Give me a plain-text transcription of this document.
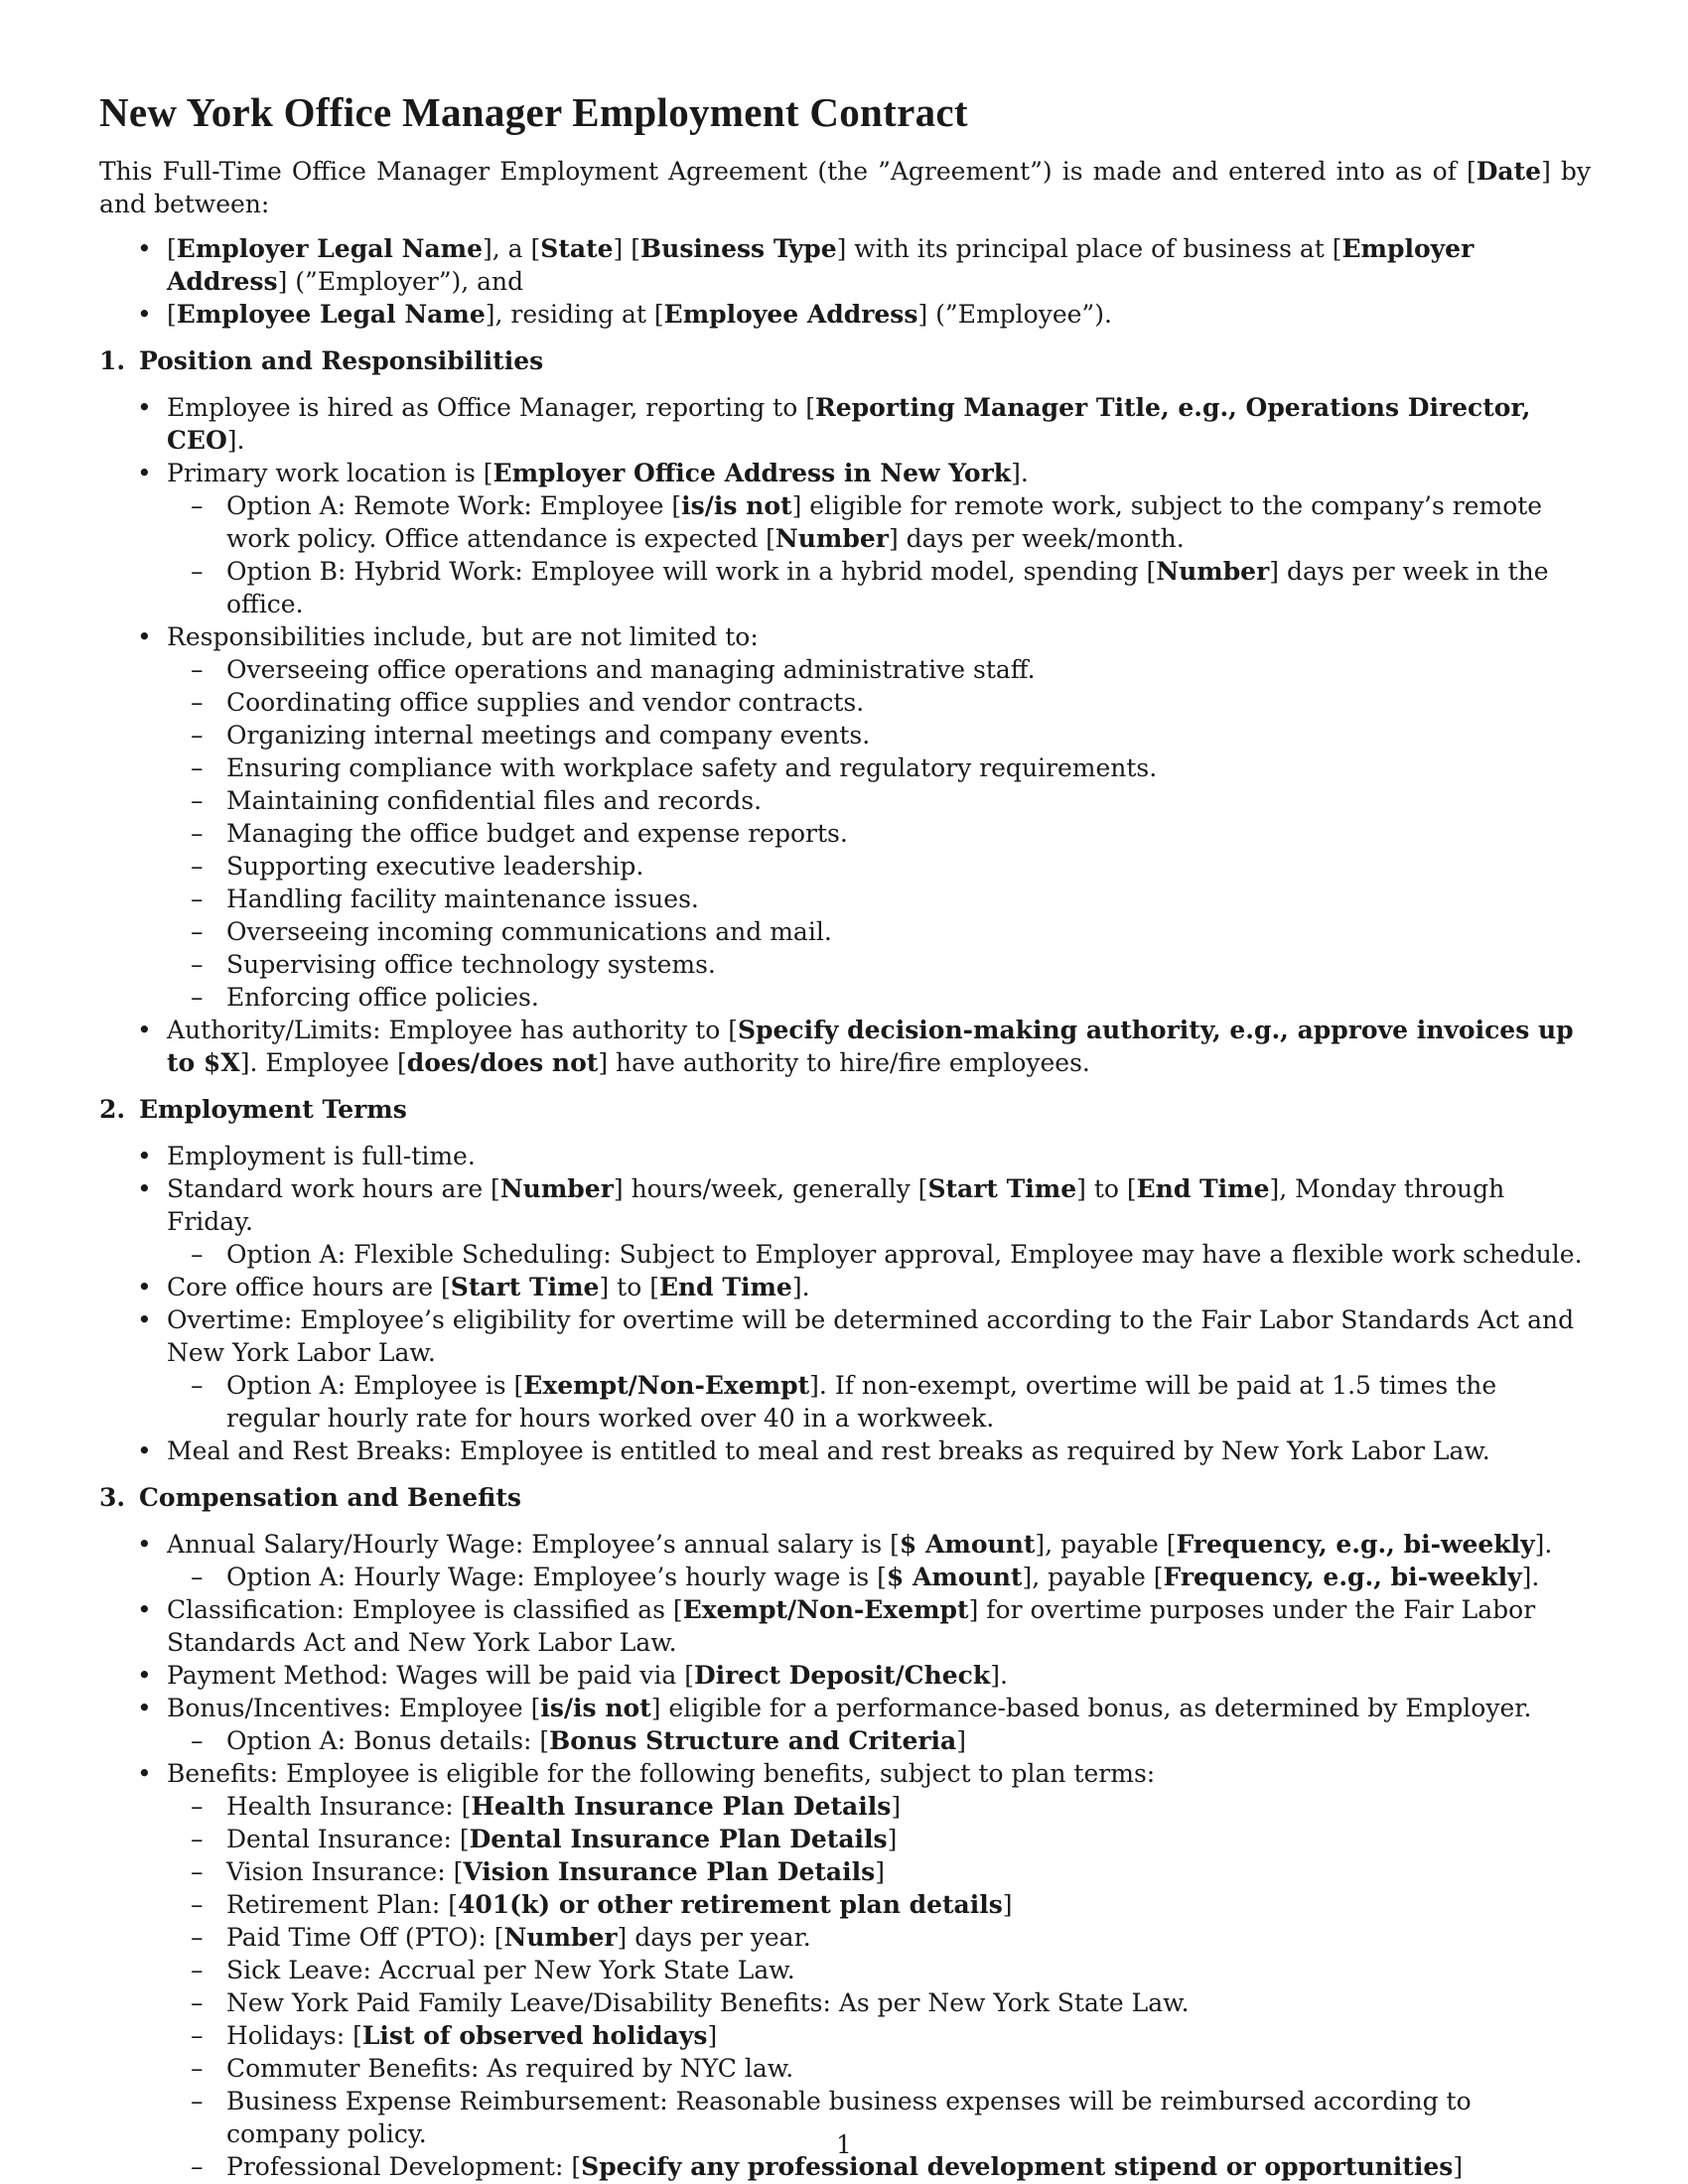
New York Office Manager Employment Contract

This Full-Time Office Manager Employment Agreement (the ”Agreement”) is made and entered into as of [Date] by and between:

• [Employer Legal Name], a [State] [Business Type] with its principal place of business at [Employer Address] (”Employer”), and
• [Employee Legal Name], residing at [Employee Address] (”Employee”).
1. Position and Responsibilities
• Employee is hired as Office Manager, reporting to [Reporting Manager Title, e.g., Operations Director, CEO].
• Primary work location is [Employer Office Address in New York].
– Option A: Remote Work: Employee [is/is not] eligible for remote work, subject to the company’s remote work policy. Office attendance is expected [Number] days per week/month.
– Option B: Hybrid Work: Employee will work in a hybrid model, spending [Number] days per week in the office.
• Responsibilities include, but are not limited to:
– Overseeing office operations and managing administrative staff.
– Coordinating office supplies and vendor contracts.
– Organizing internal meetings and company events.
– Ensuring compliance with workplace safety and regulatory requirements.
– Maintaining confidential files and records.
– Managing the office budget and expense reports.
– Supporting executive leadership.
– Handling facility maintenance issues.
– Overseeing incoming communications and mail.
– Supervising office technology systems.
– Enforcing office policies.
• Authority/Limits: Employee has authority to [Specify decision-making authority, e.g., approve invoices up to $X]. Employee [does/does not] have authority to hire/fire employees.
2. Employment Terms
• Employment is full-time.
• Standard work hours are [Number] hours/week, generally [Start Time] to [End Time], Monday through Friday.
– Option A: Flexible Scheduling: Subject to Employer approval, Employee may have a flexible work schedule.
• Core office hours are [Start Time] to [End Time].
• Overtime: Employee’s eligibility for overtime will be determined according to the Fair Labor Standards Act and New York Labor Law.
– Option A: Employee is [Exempt/Non-Exempt]. If non-exempt, overtime will be paid at 1.5 times the regular hourly rate for hours worked over 40 in a workweek.
• Meal and Rest Breaks: Employee is entitled to meal and rest breaks as required by New York Labor Law.
3. Compensation and Benefits
• Annual Salary/Hourly Wage: Employee’s annual salary is [$ Amount], payable [Frequency, e.g., bi-weekly].
– Option A: Hourly Wage: Employee’s hourly wage is [$ Amount], payable [Frequency, e.g., bi-weekly].
• Classification: Employee is classified as [Exempt/Non-Exempt] for overtime purposes under the Fair Labor Standards Act and New York Labor Law.
• Payment Method: Wages will be paid via [Direct Deposit/Check].
• Bonus/Incentives: Employee [is/is not] eligible for a performance-based bonus, as determined by Employer.
– Option A: Bonus details: [Bonus Structure and Criteria]
• Benefits: Employee is eligible for the following benefits, subject to plan terms:
– Health Insurance: [Health Insurance Plan Details]
– Dental Insurance: [Dental Insurance Plan Details]
– Vision Insurance: [Vision Insurance Plan Details]
– Retirement Plan: [401(k) or other retirement plan details]
– Paid Time Off (PTO): [Number] days per year.
– Sick Leave: Accrual per New York State Law.
– New York Paid Family Leave/Disability Benefits: As per New York State Law.
– Holidays: [List of observed holidays]
– Commuter Benefits: As required by NYC law.
– Business Expense Reimbursement: Reasonable business expenses will be reimbursed according to company policy.
– Professional Development: [Specify any professional development stipend or opportunities]
1
